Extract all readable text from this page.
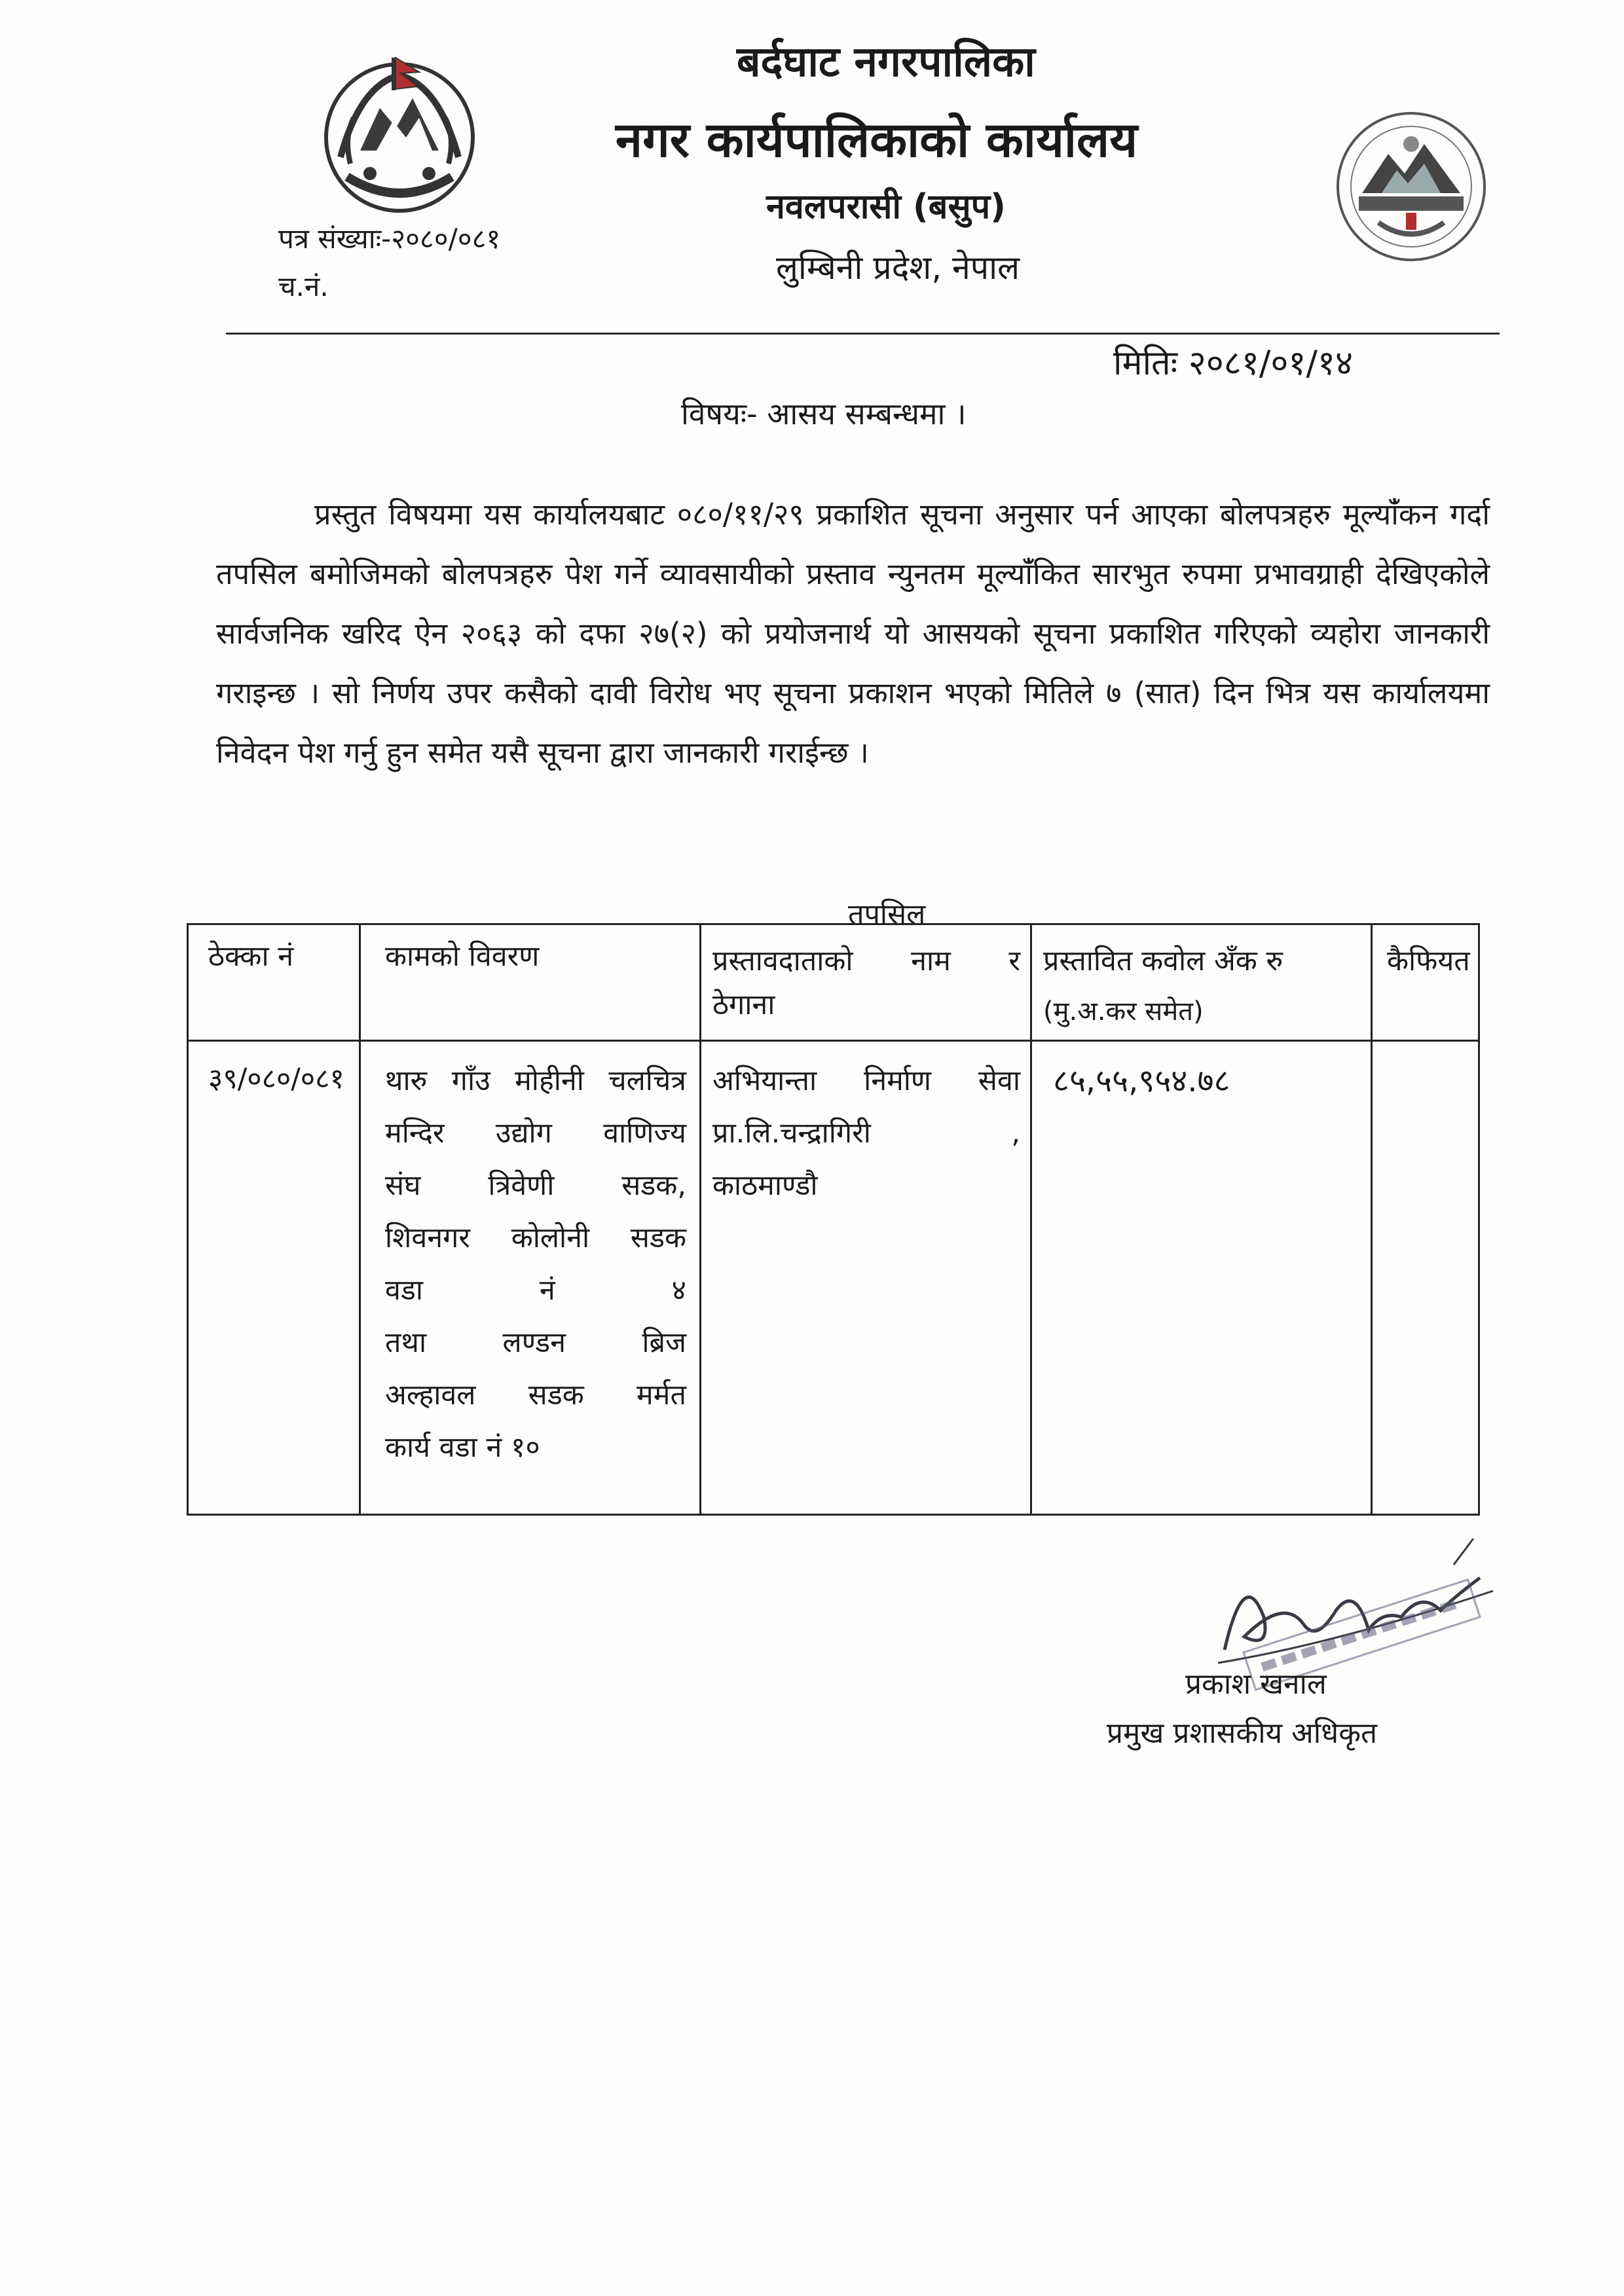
बर्दघाट नगरपालिका
नगर कार्यपालिकाको कार्यालय
नवलपरासी (बसुप)
लुम्बिनी प्रदेश, नेपाल
पत्र संख्याः-२०८०/०८१
च.नं.
मितिः २०८१/०१/१४
विषयः- आसय सम्बन्धमा ।
प्रस्तुत विषयमा यस कार्यालयबाट ०८०/११/२९ प्रकाशित सूचना अनुसार पर्न आएका बोलपत्रहरु मूल्यांँकन गर्दा तपसिल बमोजिमको बोलपत्रहरु पेश गर्ने व्यावसायीको प्रस्ताव न्युनतम मूल्यांँकित सारभुत रुपमा प्रभावग्राही देखिएकोले सार्वजनिक खरिद ऐन २०६३ को दफा २७(२) को प्रयोजनार्थ यो आसयको सूचना प्रकाशित गरिएको व्यहोरा जानकारी गराइन्छ । सो निर्णय उपर कसैको दावी विरोध भए सूचना प्रकाशन भएको मितिले ७ (सात) दिन भित्र यस कार्यालयमा निवेदन पेश गर्नु हुन समेत यसै सूचना द्वारा जानकारी गराईन्छ ।
तपसिल
ठेक्का नं	कामको विवरण	प्रस्तावदाताको नाम र
ठेगाना
प्रस्तावित कवोल अँक रु
(मु.अ.कर समेत)
कैफियत
३९/०८०/०८१ थारु गाँउ मोहीनी चलचित्र
मन्दिर उद्योग वाणिज्य
संघ त्रिवेणी सडक,
शिवनगर कोलोनी सडक
वडा नं ४
तथा लण्डन ब्रिज
अल्हावल सडक मर्मत
कार्य वडा नं १०
अभियान्ता निर्माण सेवा
प्रा.लि.चन्द्रागिरी ,
काठमाण्डौ
८५,५५,९५४.७८
प्रकाश खनाल
प्रमुख प्रशासकीय अधिकृत
